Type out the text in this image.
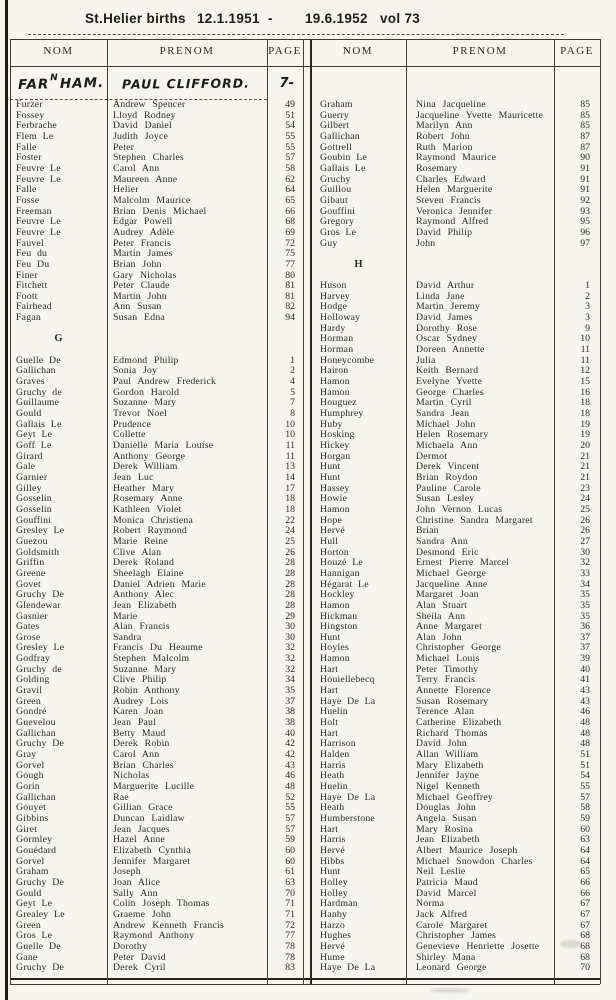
St.Helier births 12.1.1951 - 19.6.1952 vol 73
NOM	PRENOM	PAGE	NOM	PRENOM	PAGE
$FAR^NHAM$.	PAUL CLIFFORD.	7-
Furzer	Andrew Spencer	49
Fossey	Lloyd Rodney	51
Ferbrache	David Daniel	54
Flem Le	Judith Joyce	55
Falle	Peter	55
Foster	Stephen Charles	57
Feuvre Le	Carol Ann	58
Feuvre Le	Maureen Anne	62
Falle	Helier	64
Fosse	Malcolm Maurice	65
Freeman	Brian Denis Michael	66
Feuvre Le	Edgar Powell	68
Feuvre Le	Audrey Adèle	69
Fauvel	Peter Francis	72
Feu du	Martin James	75
Feu Du	Brian John	77
Finer	Gary Nicholas	80
Fitchett	Peter Claude	81
Foott	Martin John	81
Fairhead	Ann Susan	82
Fagan	Susan Edna	94
G
Guelle De	Edmond Philip	1
Gallichan	Sonia Joy	2
Graves	Paul Andrew Frederick	4
Gruchy de	Gordon Harold	5
Guillaume	Suzanne Mary	7
Gould	Trevor Noel	8
Gallais Le	Prudence	10
Geyt Le	Collette	10
Goff Le	Danielle Maria Louise	11
Girard	Anthony George	11
Gale	Derek William	13
Garnier	Jean Luc	14
Gilley	Heather Mary	17
Gosselin	Rosemary Anne	18
Gosselin	Kathleen Violet	18
Gouffini	Monica Christiena	22
Gresley Le	Robert Raymond	24
Guezou	Marie Reine	25
Goldsmith	Clive Alan	26
Griffin	Derek Roland	28
Greene	Sheelagh Elaine	28
Govet	Daniel Adrien Marie	28
Gruchy De	Anthony Alec	28
Glendewar	Jean Elizabeth	28
Gasnier	Marie	29
Gates	Alan Francis	30
Grose	Sandra	30
Gresley Le	Francis Du Heaume	32
Godfray	Stephen Malcolm	32
Gruchy de	Suzanne Mary	32
Golding	Clive Philip	34
Gravil	Robin Anthony	35
Green	Audrey Lois	37
Gondré	Karen Joan	38
Guevelou	Jean Paul	38
Gallichan	Betty Maud	40
Gruchy De	Derek Robin	42
Gray	Carol Ann	42
Gorvel	Brian Charles	43
Gough	Nicholas	46
Gorin	Marguerite Lucille	48
Gallichan	Rae	52
Gouyet	Gillian Grace	55
Gibbins	Duncan Laidlaw	57
Giret	Jean Jacques	57
Gormley	Hazel Anne	59
Gouédard	Elizabeth Cynthia	60
Gorvel	Jennifer Margaret	60
Graham	Joseph	61
Gruchy De	Joan Alice	63
Gould	Sally Ann	70
Geyt Le	Colin Joseph Thomas	71
Grealey Le	Graeme John	71
Green	Andrew Kenneth Francis	72
Gros Le	Raymond Anthony	77
Guelle De	Dorothy	78
Gane	Peter David	78
Gruchy De	Derek Cyril	83
Graham	Nina Jacqueline	85
Guerry	Jacqueline Yvette Mauricette	85
Gilbert	Marilyn Ann	85
Gallichan	Robert John	87
Gottrell	Ruth Marion	87
Goubin Le	Raymond Maurice	90
Gallais Le	Rosemary	91
Gruchy	Charles Edward	91
Guillou	Helen Marguerite	91
Gibaut	Steven Francis	92
Gouffini	Veronica Jennifer	93
Gregory	Raymond Alfred	95
Gros Le	David Philip	96
Guy	John	97
H
Huson	David Arthur	1
Harvey	Linda Jane	2
Hodge	Martin Jeremy	3
Holloway	David James	3
Hardy	Dorothy Rose	9
Horman	Oscar Sydney	10
Horman	Doreen Annette	11
Honeycombe	Julia	11
Hairon	Keith Bernard	12
Hamon	Evelyne Yvette	15
Hamon	George Charles	16
Houguez	Martin Cyril	18
Humphrey	Sandra Jean	18
Huby	Michael John	19
Hosking	Helen Rosemary	19
Hickey	Michaela Ann	20
Horgan	Dermot	21
Hunt	Derek Vincent	21
Hunt	Brian Roydon	21
Hassey	Pauline Carole	23
Howie	Susan Lesley	24
Hamon	John Vernon Lucas	25
Hope	Christine Sandra Margaret	26
Hervé	Brian	26
Hull	Sandra Ann	27
Horton	Desmond Eric	30
Houzé Le	Ernest Pierre Marcel	32
Hannigan	Michael George	33
Hégarat Le	Jacqueline Anne	34
Hockley	Margaret Joan	35
Hamon	Alan Stuart	35
Hickman	Sheila Ann	35
Hingston	Anne Margaret	36
Hunt	Alan John	37
Hoyles	Christopher George	37
Hamon	Michael Louis	39
Hart	Peter Timothy	40
Houiellebecq	Terry Francis	41
Hart	Annette Florence	43
Haye De La	Susan Rosemary	43
Huelin	Terence Alan	46
Holt	Catherine Elizabeth	48
Hart	Richard Thomas	48
Harrison	David John	48
Halden	Allan William	51
Harris	Mary Elizabeth	51
Heath	Jennifer Jayne	54
Huelin	Nigel Kenneth	55
Haye De La	Michael Geoffrey	57
Heath	Douglas John	58
Humberstone	Angela Susan	59
Hart	Mary Rosina	60
Harris	Jean Elizabeth	63
Hervé	Albert Maurice Joseph	64
Hibbs	Michael Snowdon Charles	64
Hunt	Neil Leslie	65
Holley	Patricia Maud	66
Holley	David Marcel	66
Hardman	Norma	67
Hanby	Jack Alfred	67
Harzo	Carole Margaret	67
Hughes	Christopher James	68
Hervé	Genevieve Henriette Josette	68
Hume	Shirley Mana	68
Haye De La	Leonard George	70
